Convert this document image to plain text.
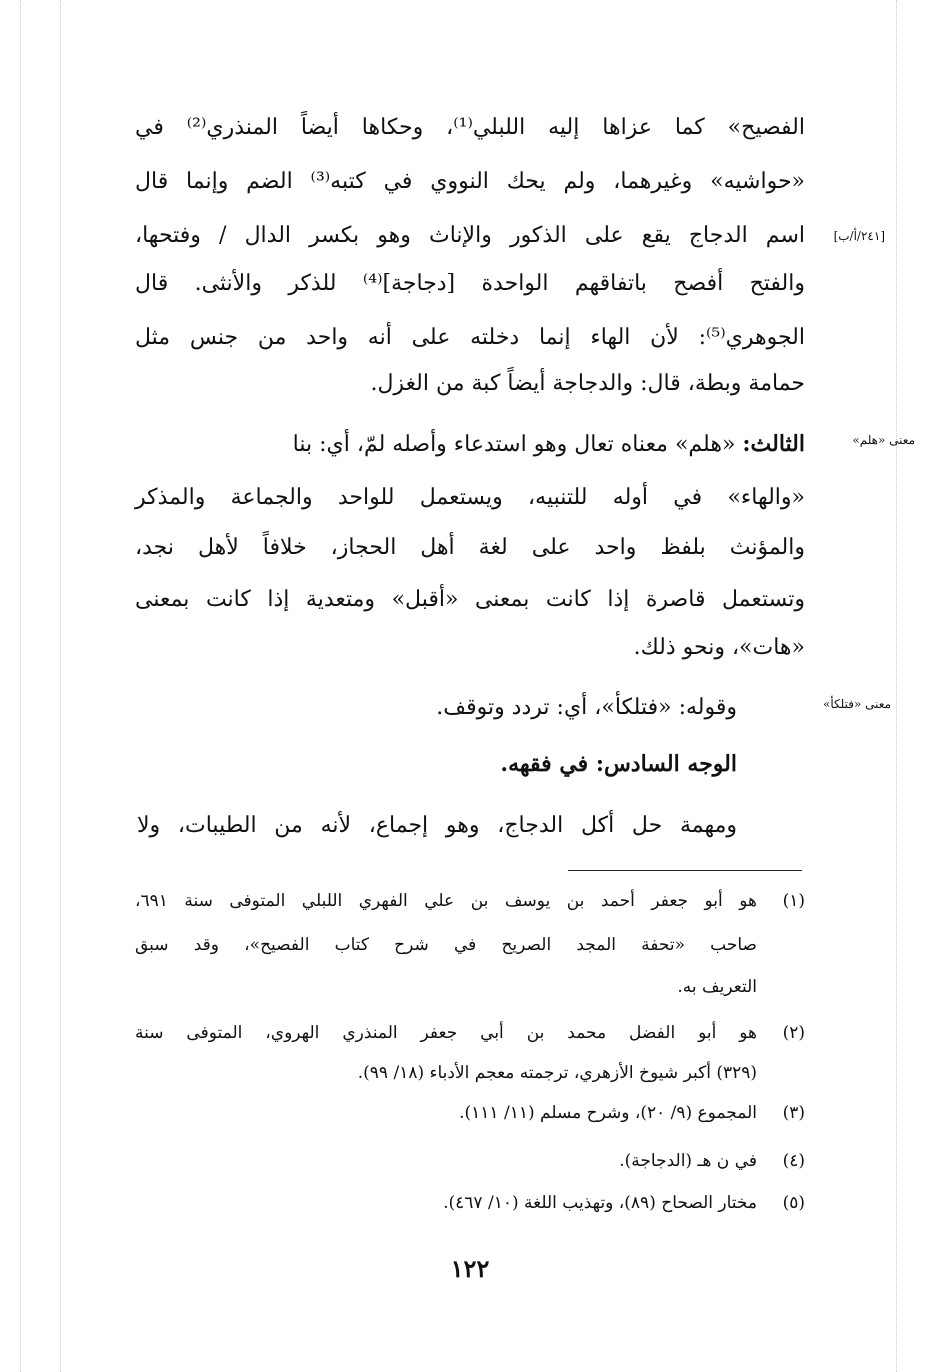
الفصيح» كما عزاها إليه اللبلي⁽¹⁾، وحكاها أيضاً المنذري⁽²⁾ في
«حواشيه» وغيرهما، ولم يحك النووي في كتبه⁽³⁾ الضم وإنما قال
اسم الدجاج يقع على الذكور والإناث وهو بكسر الدال / وفتحها، [٢٤١/أ/ب]
والفتح أفصح باتفاقهم الواحدة [دجاجة]⁽⁴⁾ للذكر والأنثى. قال
الجوهري⁽⁵⁾: لأن الهاء إنما دخلته على أنه واحد من جنس مثل
حمامة وبطة، قال: والدجاجة أيضاً كبة من الغزل.
معنى «هلم»
الثالث: «هلم» معناه تعال وهو استدعاء وأصله لمّ، أي: بنا
«والهاء» في أوله للتنبيه، ويستعمل للواحد والجماعة والمذكر
والمؤنث بلفظ واحد على لغة أهل الحجاز، خلافاً لأهل نجد،
وتستعمل قاصرة إذا كانت بمعنى «أقبل» ومتعدية إذا كانت بمعنى
«هات»، ونحو ذلك.
معنى «فتلكأ»
وقوله: «فتلكأ»، أي: تردد وتوقف.
الوجه السادس: في فقهه.
ومهمة حل أكل الدجاج، وهو إجماع، لأنه من الطيبات، ولا
(١)
هو أبو جعفر أحمد بن يوسف بن علي الفهري اللبلي المتوفى سنة ٦٩١،
صاحب «تحفة المجد الصريح في شرح كتاب الفصيح»، وقد سبق
التعريف به.
(٢)
هو أبو الفضل محمد بن أبي جعفر المنذري الهروي، المتوفى سنة
(٣٢٩) أكبر شيوخ الأزهري، ترجمته معجم الأدباء (١٨/ ٩٩).
(٣)
المجموع (٩/ ٢٠)، وشرح مسلم (١١/ ١١١).
(٤)
في ن هـ (الدجاجة).
(٥)
مختار الصحاح (٨٩)، وتهذيب اللغة (١٠/ ٤٦٧).
١٢٢
